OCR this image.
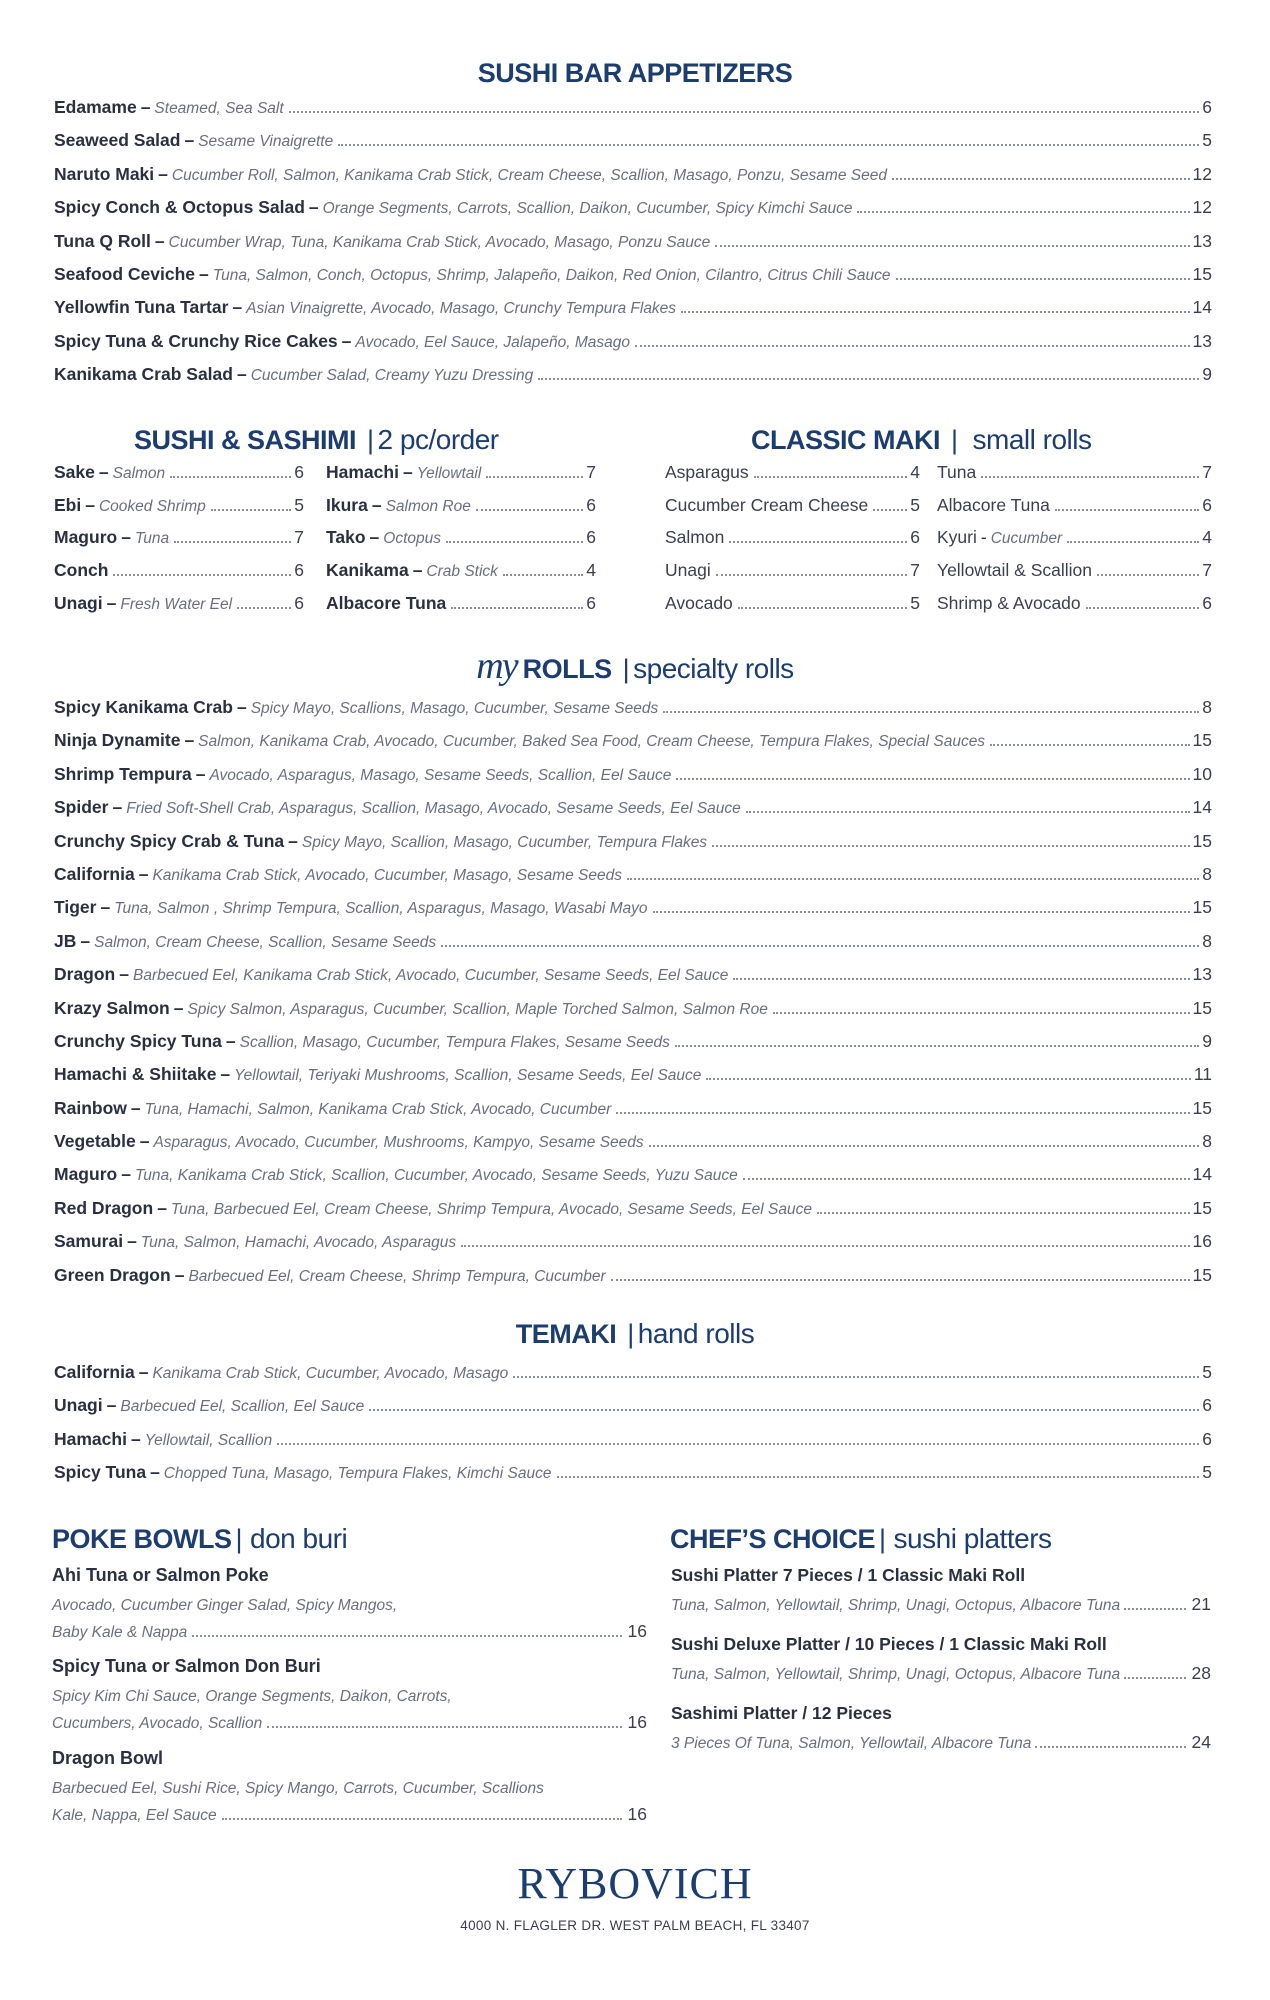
SUSHI BAR APPETIZERS
Edamame – Steamed, Sea Salt	6
Seaweed Salad – Sesame Vinaigrette	5
Naruto Maki – Cucumber Roll, Salmon, Kanikama Crab Stick, Cream Cheese, Scallion, Masago, Ponzu, Sesame Seed	12
Spicy Conch & Octopus Salad – Orange Segments, Carrots, Scallion, Daikon, Cucumber, Spicy Kimchi Sauce	12
Tuna Q Roll – Cucumber Wrap, Tuna, Kanikama Crab Stick, Avocado, Masago, Ponzu Sauce	13
Seafood Ceviche – Tuna, Salmon, Conch, Octopus, Shrimp, Jalapeño, Daikon, Red Onion, Cilantro, Citrus Chili Sauce	15
Yellowfin Tuna Tartar – Asian Vinaigrette, Avocado, Masago, Crunchy Tempura Flakes	14
Spicy Tuna & Crunchy Rice Cakes – Avocado, Eel Sauce, Jalapeño, Masago	13
Kanikama Crab Salad – Cucumber Salad, Creamy Yuzu Dressing	9
SUSHI & SASHIMI | 2 pc/order
Sake – Salmon	6
Ebi – Cooked Shrimp	5
Maguro – Tuna	7
Conch	6
Unagi – Fresh Water Eel	6
Hamachi – Yellowtail	7
Ikura – Salmon Roe	6
Tako – Octopus	6
Kanikama – Crab Stick	4
Albacore Tuna	6
CLASSIC MAKI | small rolls
Asparagus	4
Cucumber Cream Cheese 5
Salmon	6
Unagi	7
Avocado	5
Tuna	7
Albacore Tuna	6
Kyuri - Cucumber	4
Yellowtail & Scallion	7
Shrimp & Avocado	6
my ROLLS | specialty rolls
Spicy Kanikama Crab – Spicy Mayo, Scallions, Masago, Cucumber, Sesame Seeds	8
Ninja Dynamite – Salmon, Kanikama Crab, Avocado, Cucumber, Baked Sea Food, Cream Cheese, Tempura Flakes, Special Sauces	15
Shrimp Tempura – Avocado, Asparagus, Masago, Sesame Seeds, Scallion, Eel Sauce	10
Spider – Fried Soft-Shell Crab, Asparagus, Scallion, Masago, Avocado, Sesame Seeds, Eel Sauce	14
Crunchy Spicy Crab & Tuna – Spicy Mayo, Scallion, Masago, Cucumber, Tempura Flakes	15
California – Kanikama Crab Stick, Avocado, Cucumber, Masago, Sesame Seeds	8
Tiger – Tuna, Salmon , Shrimp Tempura, Scallion, Asparagus, Masago, Wasabi Mayo	15
JB – Salmon, Cream Cheese, Scallion, Sesame Seeds	8
Dragon – Barbecued Eel, Kanikama Crab Stick, Avocado, Cucumber, Sesame Seeds, Eel Sauce	13
Krazy Salmon – Spicy Salmon, Asparagus, Cucumber, Scallion, Maple Torched Salmon, Salmon Roe	15
Crunchy Spicy Tuna – Scallion, Masago, Cucumber, Tempura Flakes, Sesame Seeds	9
Hamachi & Shiitake – Yellowtail, Teriyaki Mushrooms, Scallion, Sesame Seeds, Eel Sauce	11
Rainbow – Tuna, Hamachi, Salmon, Kanikama Crab Stick, Avocado, Cucumber	15
Vegetable – Asparagus, Avocado, Cucumber, Mushrooms, Kampyo, Sesame Seeds	8
Maguro – Tuna, Kanikama Crab Stick, Scallion, Cucumber, Avocado, Sesame Seeds, Yuzu Sauce	14
Red Dragon – Tuna, Barbecued Eel, Cream Cheese, Shrimp Tempura, Avocado, Sesame Seeds, Eel Sauce	15
Samurai – Tuna, Salmon, Hamachi, Avocado, Asparagus	16
Green Dragon – Barbecued Eel, Cream Cheese, Shrimp Tempura, Cucumber	15
TEMAKI | hand rolls
California – Kanikama Crab Stick, Cucumber, Avocado, Masago	5
Unagi – Barbecued Eel, Scallion, Eel Sauce	6
Hamachi – Yellowtail, Scallion	6
Spicy Tuna – Chopped Tuna, Masago, Tempura Flakes, Kimchi Sauce	5
POKE BOWLS | don buri
Ahi Tuna or Salmon Poke
Avocado, Cucumber Ginger Salad, Spicy Mangos,
Baby Kale & Nappa	16
Spicy Tuna or Salmon Don Buri
Spicy Kim Chi Sauce, Orange Segments, Daikon, Carrots,
Cucumbers, Avocado, Scallion	16
Dragon Bowl
Barbecued Eel, Sushi Rice, Spicy Mango, Carrots, Cucumber, Scallions
Kale, Nappa, Eel Sauce	16
CHEF’S CHOICE | sushi platters
Sushi Platter 7 Pieces / 1 Classic Maki Roll
Tuna, Salmon, Yellowtail, Shrimp, Unagi, Octopus, Albacore Tuna	21
Sushi Deluxe Platter / 10 Pieces / 1 Classic Maki Roll
Tuna, Salmon, Yellowtail, Shrimp, Unagi, Octopus, Albacore Tuna	28
Sashimi Platter / 12 Pieces
3 Pieces Of Tuna, Salmon, Yellowtail, Albacore Tuna	24
RYBOVICH
4000 N. FLAGLER DR. WEST PALM BEACH, FL 33407
